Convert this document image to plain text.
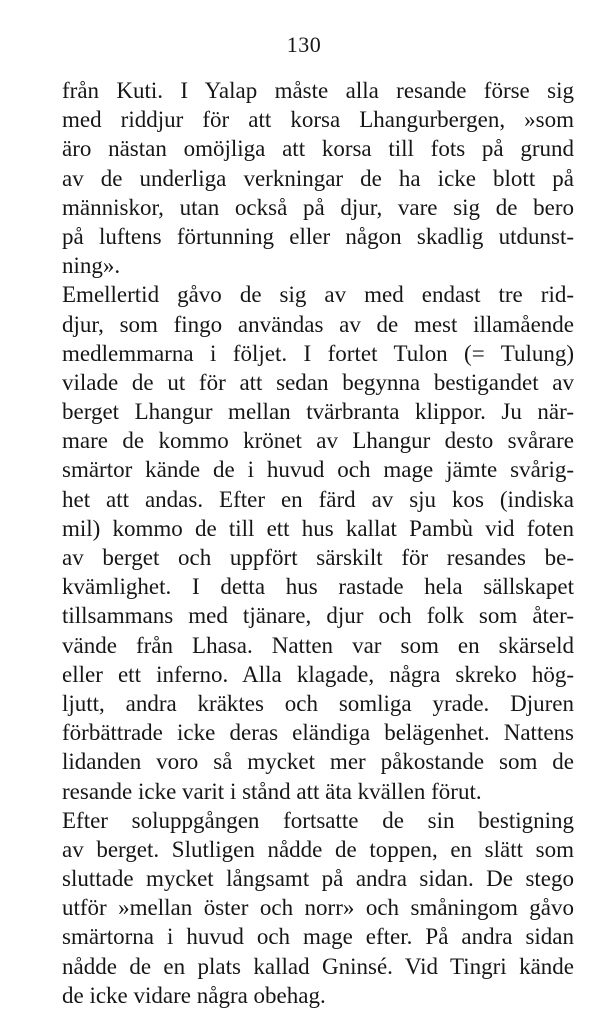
130
från Kuti. I Yalap måste alla resande förse sig
med riddjur för att korsa Lhangurbergen, »som
äro nästan omöjliga att korsa till fots på grund
av de underliga verkningar de ha icke blott på
människor, utan också på djur, vare sig de bero
på luftens förtunning eller någon skadlig utdunst-
ning».
Emellertid gåvo de sig av med endast tre rid-
djur, som fingo användas av de mest illamående
medlemmarna i följet. I fortet Tulon (= Tulung)
vilade de ut för att sedan begynna bestigandet av
berget Lhangur mellan tvärbranta klippor. Ju när-
mare de kommo krönet av Lhangur desto svårare
smärtor kände de i huvud och mage jämte svårig-
het att andas. Efter en färd av sju kos (indiska
mil) kommo de till ett hus kallat Pambù vid foten
av berget och uppfört särskilt för resandes be-
kvämlighet. I detta hus rastade hela sällskapet
tillsammans med tjänare, djur och folk som åter-
vände från Lhasa. Natten var som en skärseld
eller ett inferno. Alla klagade, några skreko hög-
ljutt, andra kräktes och somliga yrade. Djuren
förbättrade icke deras eländiga belägenhet. Nattens
lidanden voro så mycket mer påkostande som de
resande icke varit i stånd att äta kvällen förut.
Efter soluppgången fortsatte de sin bestigning
av berget. Slutligen nådde de toppen, en slätt som
sluttade mycket långsamt på andra sidan. De stego
utför »mellan öster och norr» och småningom gåvo
smärtorna i huvud och mage efter. På andra sidan
nådde de en plats kallad Gninsé. Vid Tingri kände
de icke vidare några obehag.
